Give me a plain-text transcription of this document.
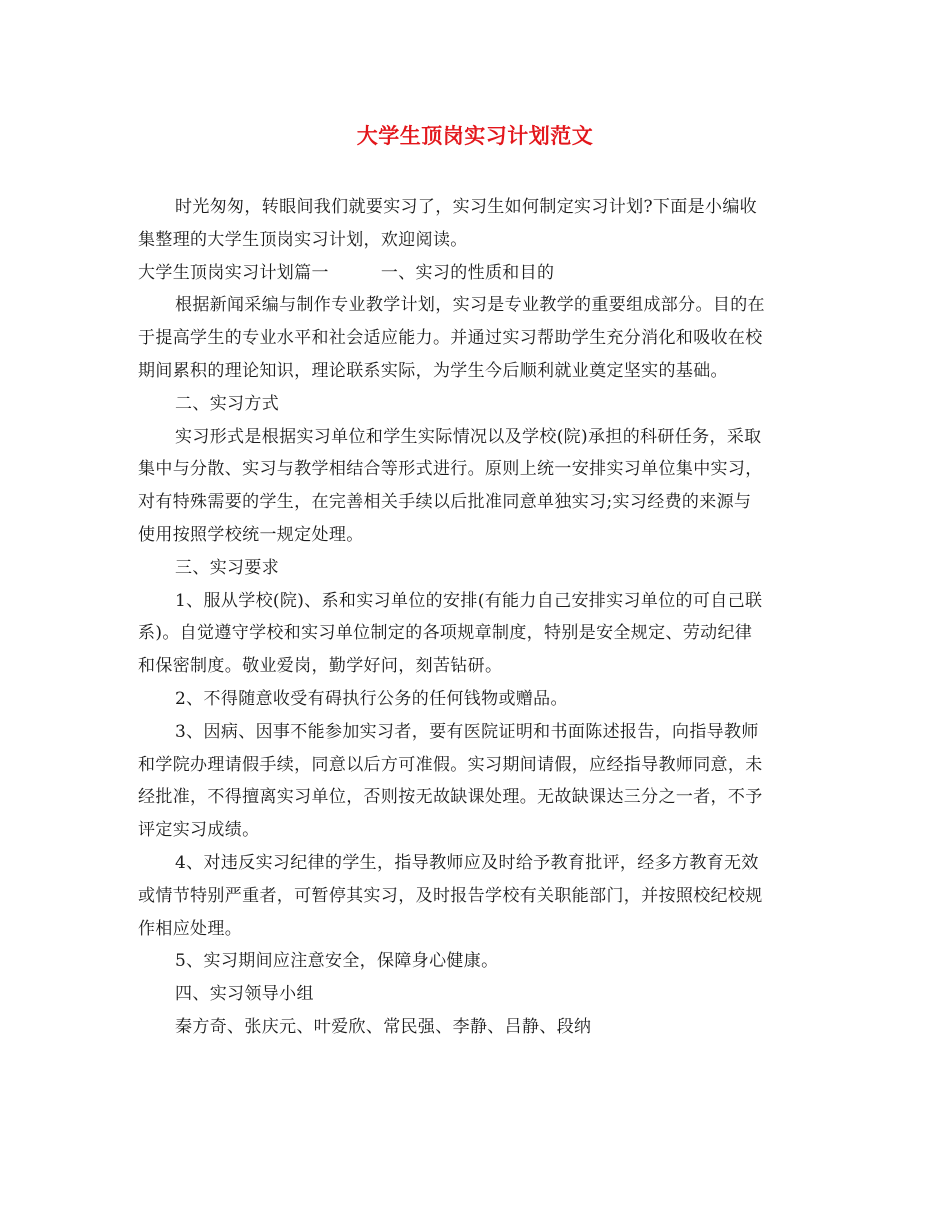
大学生顶岗实习计划范文

时光匆匆，转眼间我们就要实习了，实习生如何制定实习计划?下面是小编收

集整理的大学生顶岗实习计划，欢迎阅读。

大学生顶岗实习计划篇一	一、实习的性质和目的

根据新闻采编与制作专业教学计划，实习是专业教学的重要组成部分。目的在

于提高学生的专业水平和社会适应能力。并通过实习帮助学生充分消化和吸收在校

期间累积的理论知识，理论联系实际，为学生今后顺利就业奠定坚实的基础。

二、实习方式

实习形式是根据实习单位和学生实际情况以及学校(院)承担的科研任务，采取

集中与分散、实习与教学相结合等形式进行。原则上统一安排实习单位集中实习，

对有特殊需要的学生，在完善相关手续以后批准同意单独实习;实习经费的来源与

使用按照学校统一规定处理。

三、实习要求

1、服从学校(院)、系和实习单位的安排(有能力自己安排实习单位的可自己联

系)。自觉遵守学校和实习单位制定的各项规章制度，特别是安全规定、劳动纪律

和保密制度。敬业爱岗，勤学好问，刻苦钻研。

2、不得随意收受有碍执行公务的任何钱物或赠品。

3、因病、因事不能参加实习者，要有医院证明和书面陈述报告，向指导教师

和学院办理请假手续，同意以后方可准假。实习期间请假，应经指导教师同意，未

经批准，不得擅离实习单位，否则按无故缺课处理。无故缺课达三分之一者，不予

评定实习成绩。

4、对违反实习纪律的学生，指导教师应及时给予教育批评，经多方教育无效

或情节特别严重者，可暂停其实习，及时报告学校有关职能部门，并按照校纪校规

作相应处理。

5、实习期间应注意安全，保障身心健康。

四、实习领导小组

秦方奇、张庆元、叶爱欣、常民强、李静、吕静、段纳
